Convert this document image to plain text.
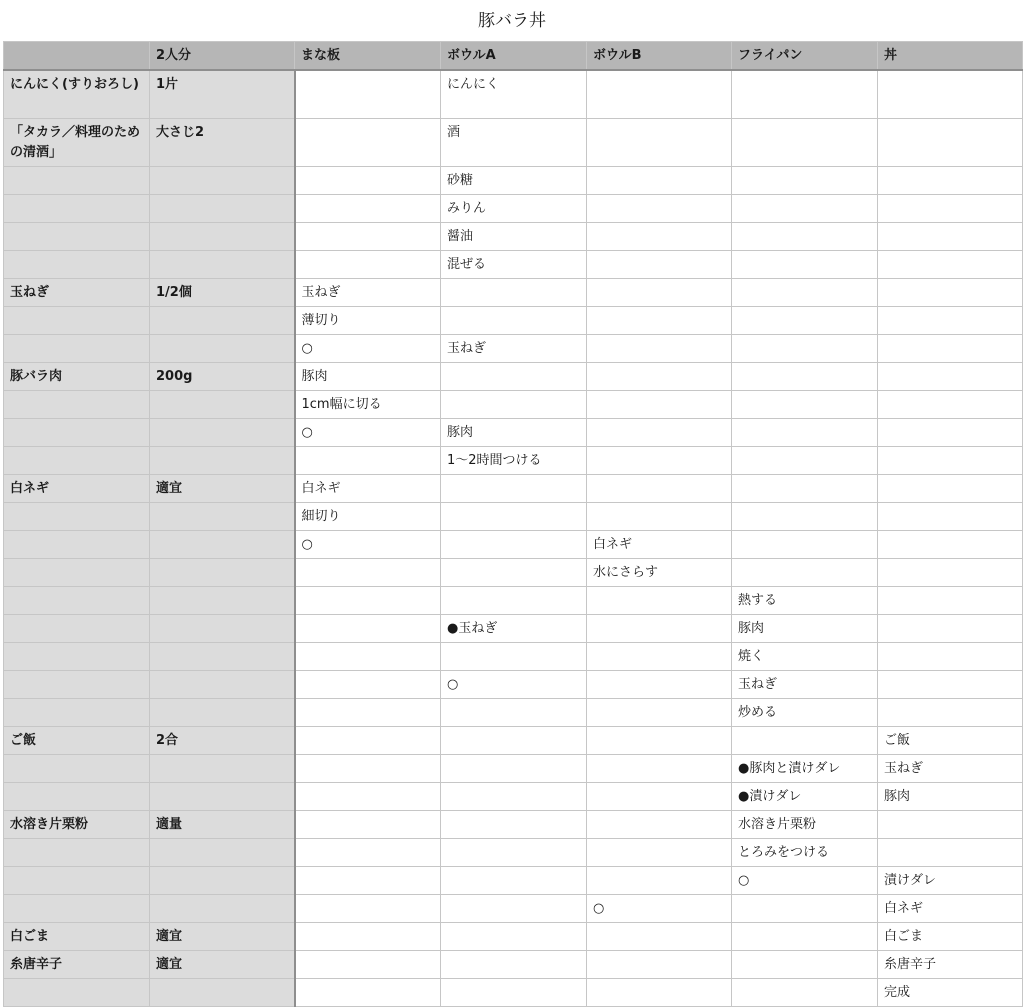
豚バラ丼
	2人分	まな板	ボウルA	ボウルB	フライパン	丼
にんにく(すりおろし)	1片		にんにく			
「タカラ／料理のための清酒」	大さじ2		酒			
			砂糖			
			みりん			
			醤油			
			混ぜる			
玉ねぎ	1/2個	玉ねぎ				
		薄切り				
		○	玉ねぎ			
豚バラ肉	200g	豚肉				
		1cm幅に切る				
		○	豚肉			
			1〜2時間つける			
白ネギ	適宜	白ネギ				
		細切り				
		○		白ネギ		
				水にさらす		
					熱する	
			●玉ねぎ		豚肉	
					焼く	
			○		玉ねぎ	
					炒める	
ご飯	2合					ご飯
					●豚肉と漬けダレ	玉ねぎ
					●漬けダレ	豚肉
水溶き片栗粉	適量				水溶き片栗粉	
					とろみをつける	
					○	漬けダレ
				○		白ネギ
白ごま	適宜					白ごま
糸唐辛子	適宜					糸唐辛子
						完成
